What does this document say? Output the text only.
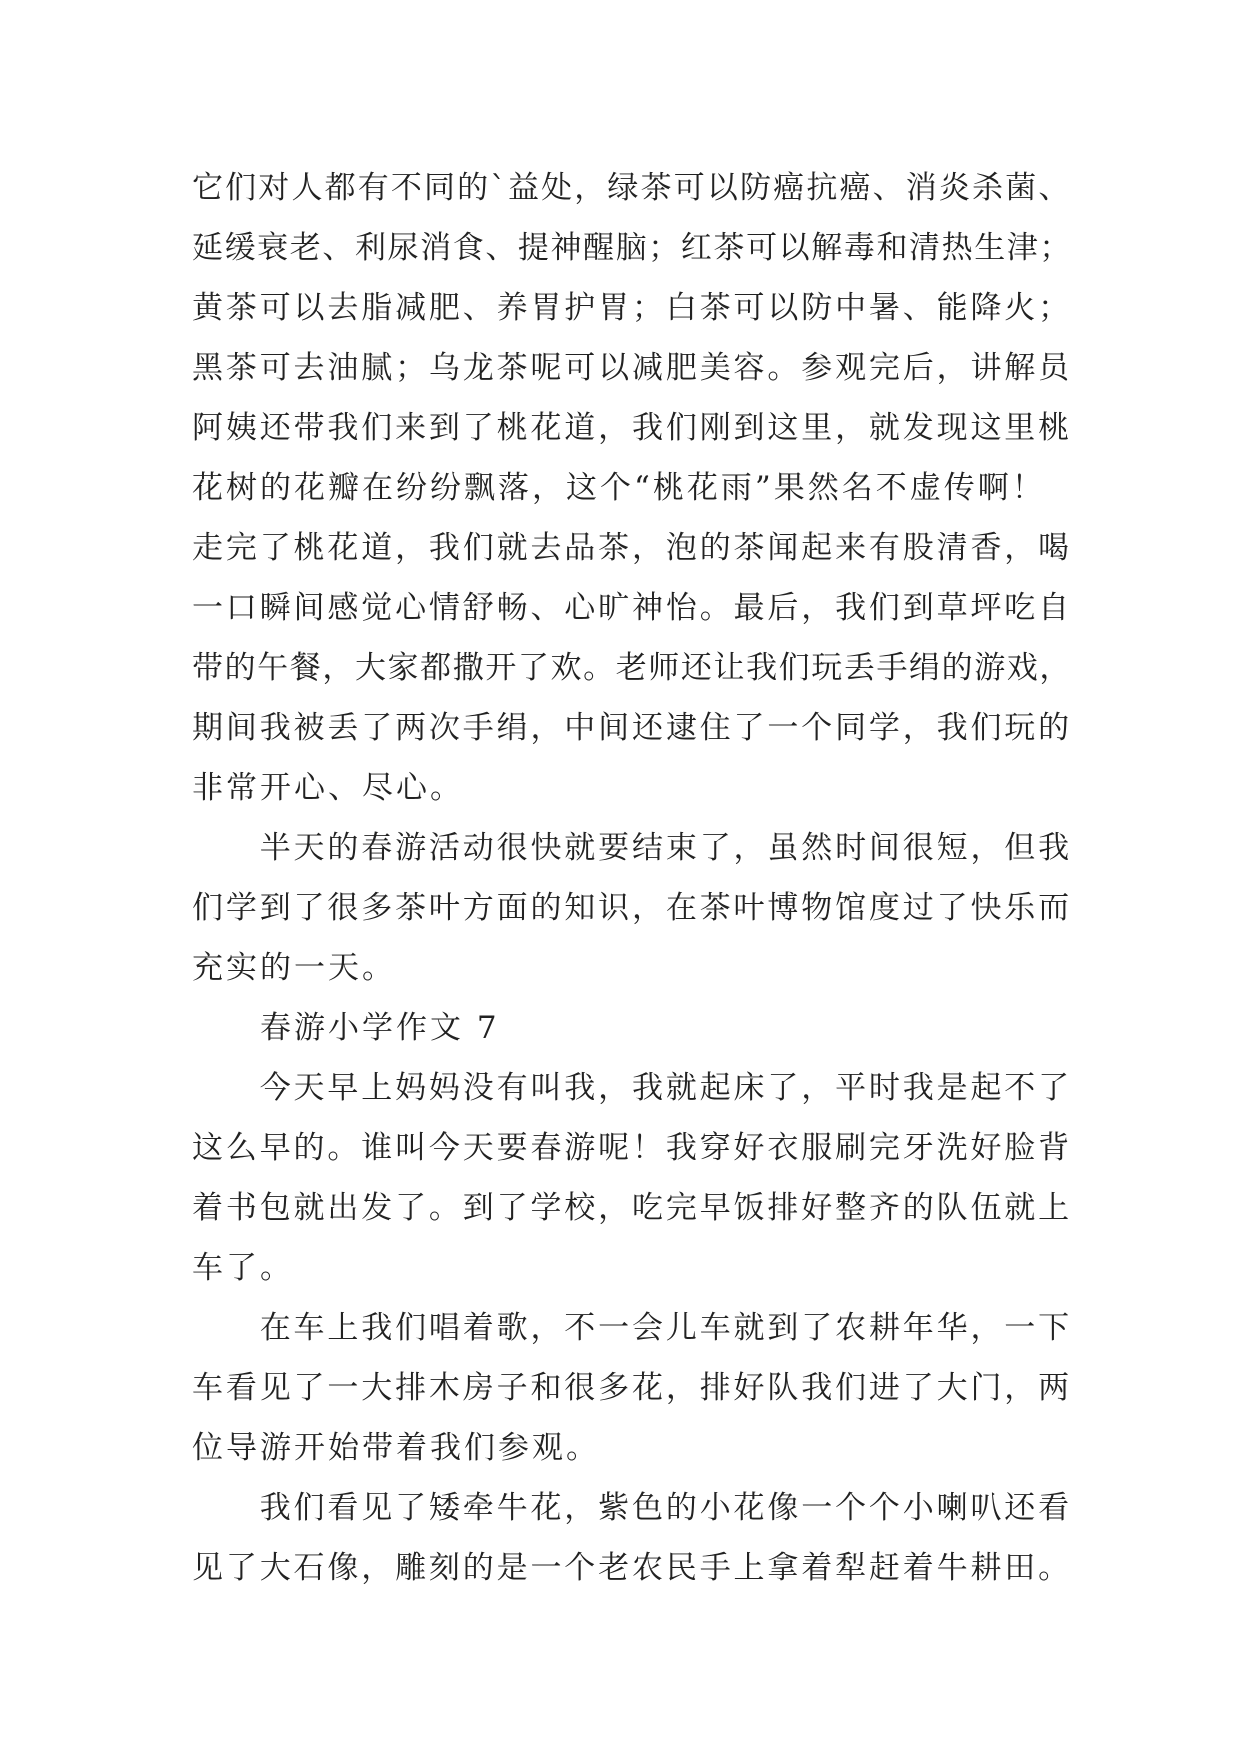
它们对人都有不同的`益处，绿茶可以防癌抗癌、消炎杀菌、
延缓衰老、利尿消食、提神醒脑；红茶可以解毒和清热生津；
黄茶可以去脂减肥、养胃护胃；白茶可以防中暑、能降火；
黑茶可去油腻；乌龙茶呢可以减肥美容。参观完后，讲解员
阿姨还带我们来到了桃花道，我们刚到这里，就发现这里桃
花树的花瓣在纷纷飘落，这个“桃花雨”果然名不虚传啊！
走完了桃花道，我们就去品茶，泡的茶闻起来有股清香，喝
一口瞬间感觉心情舒畅、心旷神怡。最后，我们到草坪吃自
带的午餐，大家都撒开了欢。老师还让我们玩丢手绢的游戏，
期间我被丢了两次手绢，中间还逮住了一个同学，我们玩的
非常开心、尽心。
　　半天的春游活动很快就要结束了，虽然时间很短，但我
们学到了很多茶叶方面的知识，在茶叶博物馆度过了快乐而
充实的一天。
　　春游小学作文 7
　　今天早上妈妈没有叫我，我就起床了，平时我是起不了
这么早的。谁叫今天要春游呢！我穿好衣服刷完牙洗好脸背
着书包就出发了。到了学校，吃完早饭排好整齐的队伍就上
车了。
　　在车上我们唱着歌，不一会儿车就到了农耕年华，一下
车看见了一大排木房子和很多花，排好队我们进了大门，两
位导游开始带着我们参观。
　　我们看见了矮牵牛花，紫色的小花像一个个小喇叭还看
见了大石像，雕刻的是一个老农民手上拿着犁赶着牛耕田。
